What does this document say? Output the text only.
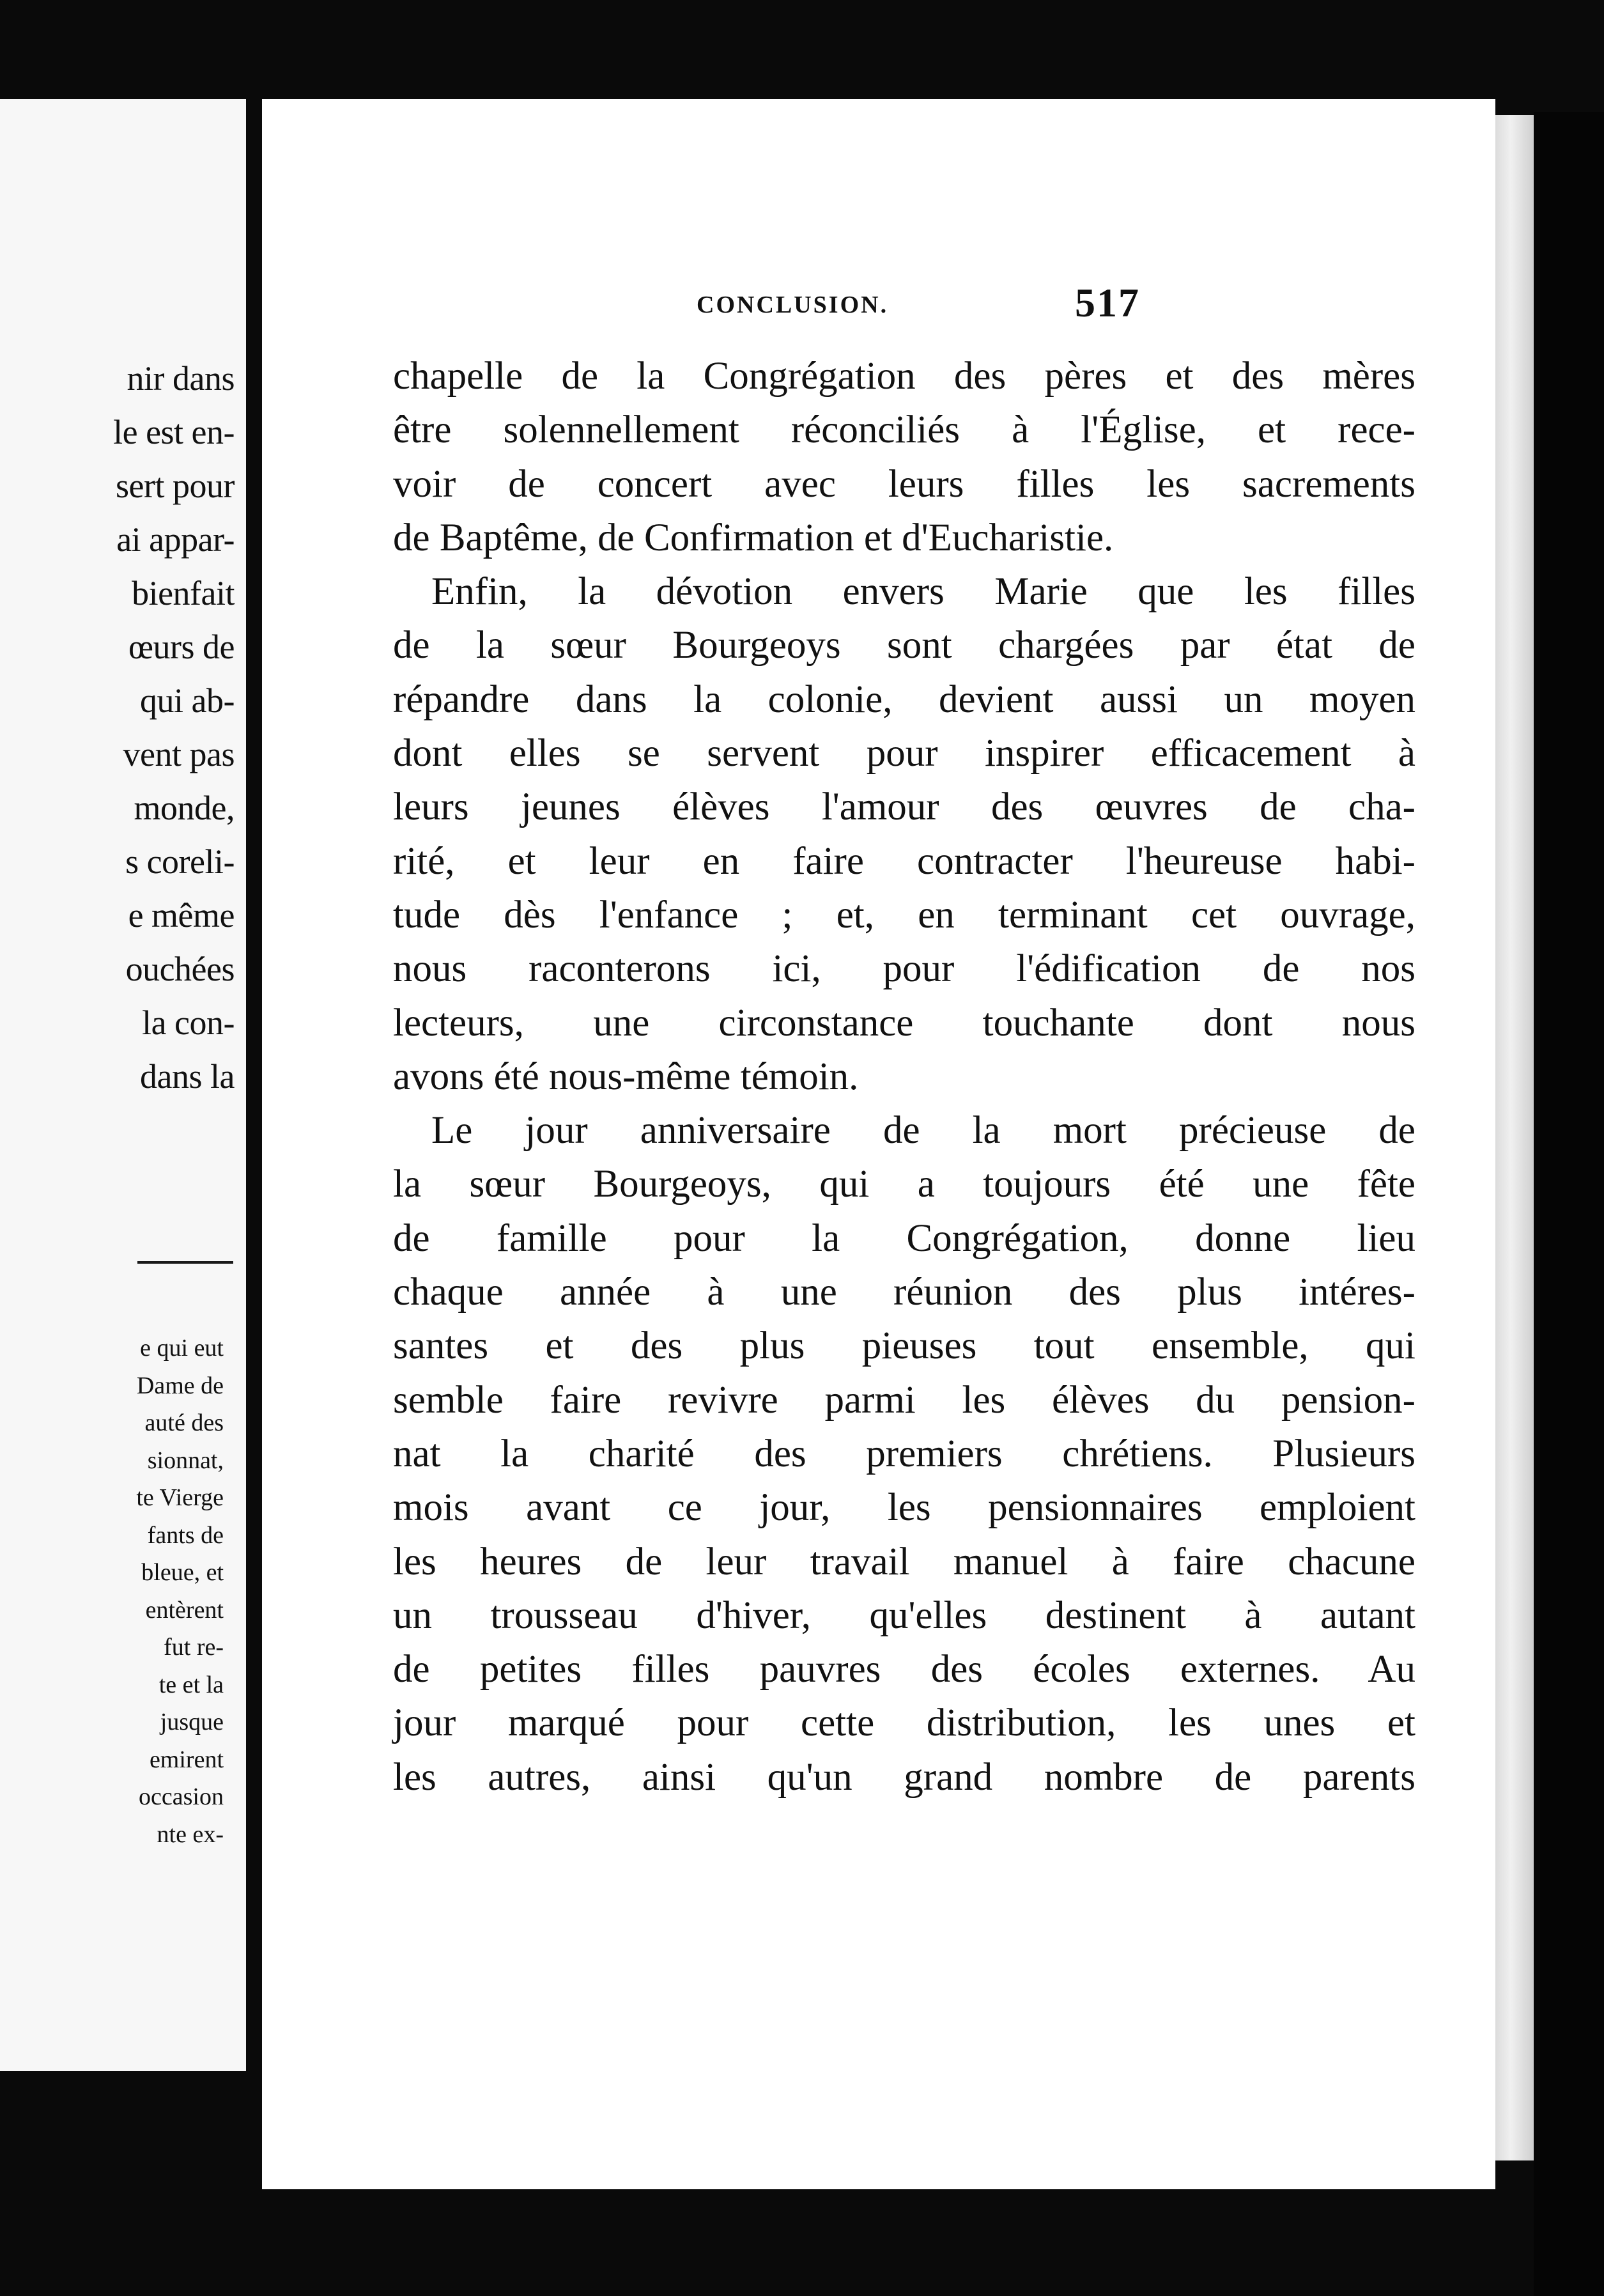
nir dans
le est en-
sert pour
ai appar-
bienfait
œurs de
qui ab-
vent pas
monde,
s coreli-
e même
ouchées
la con-
dans la
e qui eut
Dame de
auté des
sionnat,
te Vierge
fants de
bleue, et
entèrent
fut re-
te et la
jusque
emirent
occasion
nte ex-
CONCLUSION.	517
chapelle de la Congrégation des pères et des mères
être solennellement réconciliés à l'Église, et rece-
voir de concert avec leurs filles les sacrements
de Baptême, de Confirmation et d'Eucharistie.
Enfin, la dévotion envers Marie que les filles
de la sœur Bourgeoys sont chargées par état de
répandre dans la colonie, devient aussi un moyen
dont elles se servent pour inspirer efficacement à
leurs jeunes élèves l'amour des œuvres de cha-
rité, et leur en faire contracter l'heureuse habi-
tude dès l'enfance ; et, en terminant cet ouvrage,
nous raconterons ici, pour l'édification de nos
lecteurs, une circonstance touchante dont nous
avons été nous-même témoin.
Le jour anniversaire de la mort précieuse de
la sœur Bourgeoys, qui a toujours été une fête
de famille pour la Congrégation, donne lieu
chaque année à une réunion des plus intéres-
santes et des plus pieuses tout ensemble, qui
semble faire revivre parmi les élèves du pension-
nat la charité des premiers chrétiens. Plusieurs
mois avant ce jour, les pensionnaires emploient
les heures de leur travail manuel à faire chacune
un trousseau d'hiver, qu'elles destinent à autant
de petites filles pauvres des écoles externes. Au
jour marqué pour cette distribution, les unes et
les autres, ainsi qu'un grand nombre de parents
